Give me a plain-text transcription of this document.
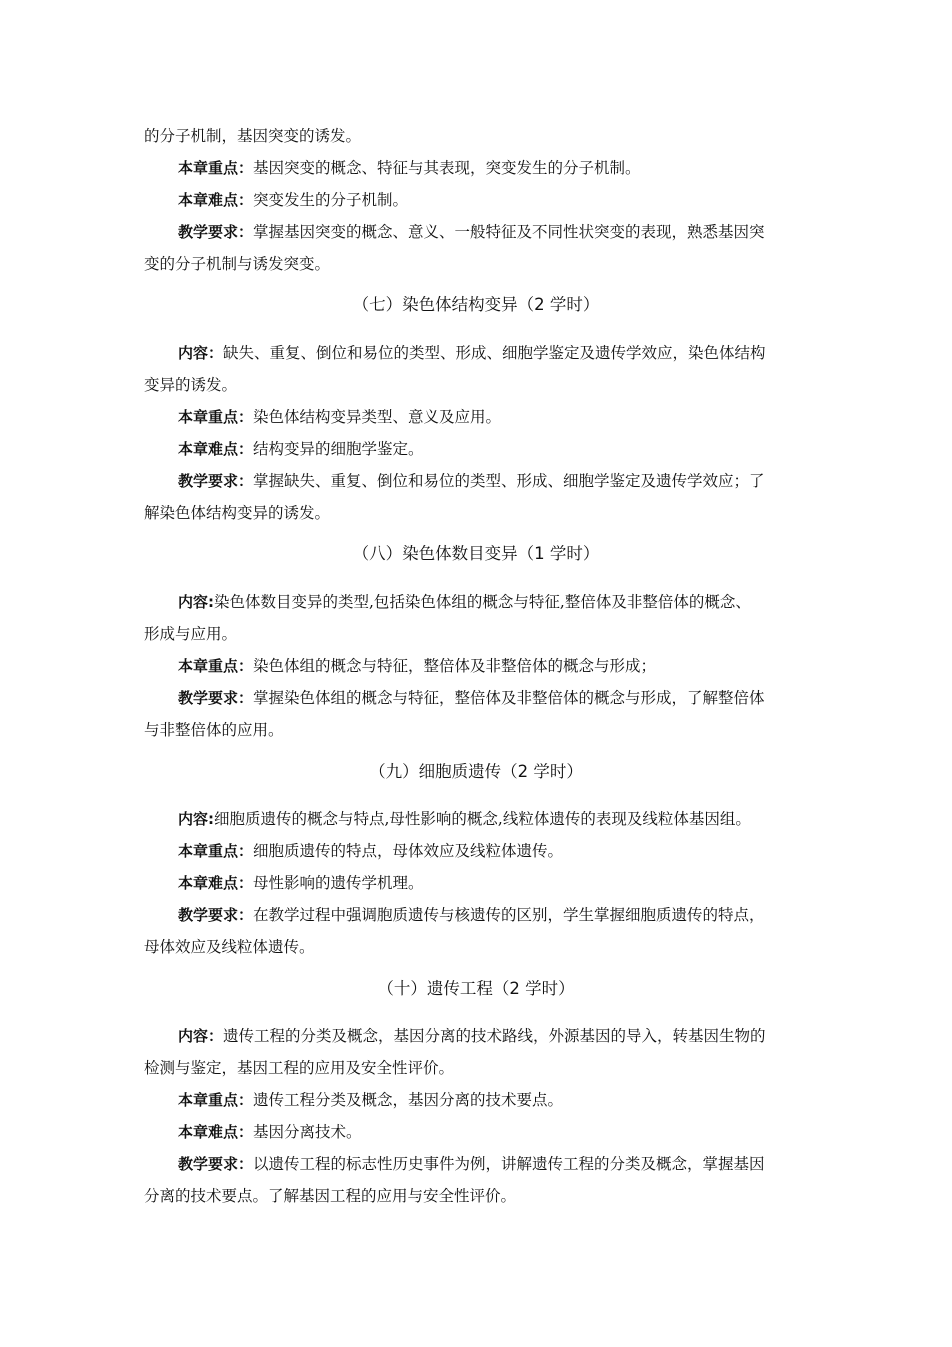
的分子机制，基因突变的诱发。
本章重点：基因突变的概念、特征与其表现，突变发生的分子机制。
本章难点：突变发生的分子机制。
教学要求：掌握基因突变的概念、意义、一般特征及不同性状突变的表现，熟悉基因突
变的分子机制与诱发突变。
（七）染色体结构变异（2 学时）
内容：缺失、重复、倒位和易位的类型、形成、细胞学鉴定及遗传学效应，染色体结构
变异的诱发。
本章重点：染色体结构变异类型、意义及应用。
本章难点：结构变异的细胞学鉴定。
教学要求：掌握缺失、重复、倒位和易位的类型、形成、细胞学鉴定及遗传学效应；了
解染色体结构变异的诱发。
（八）染色体数目变异（1 学时）
内容:染色体数目变异的类型,包括染色体组的概念与特征,整倍体及非整倍体的概念、
形成与应用。
本章重点：染色体组的概念与特征，整倍体及非整倍体的概念与形成；
教学要求：掌握染色体组的概念与特征，整倍体及非整倍体的概念与形成，了解整倍体
与非整倍体的应用。
（九）细胞质遗传（2 学时）
内容:细胞质遗传的概念与特点,母性影响的概念,线粒体遗传的表现及线粒体基因组。
本章重点：细胞质遗传的特点，母体效应及线粒体遗传。
本章难点：母性影响的遗传学机理。
教学要求：在教学过程中强调胞质遗传与核遗传的区别，学生掌握细胞质遗传的特点，
母体效应及线粒体遗传。
（十）遗传工程（2 学时）
内容：遗传工程的分类及概念，基因分离的技术路线，外源基因的导入，转基因生物的
检测与鉴定，基因工程的应用及安全性评价。
本章重点：遗传工程分类及概念，基因分离的技术要点。
本章难点：基因分离技术。
教学要求：以遗传工程的标志性历史事件为例，讲解遗传工程的分类及概念，掌握基因
分离的技术要点。了解基因工程的应用与安全性评价。
